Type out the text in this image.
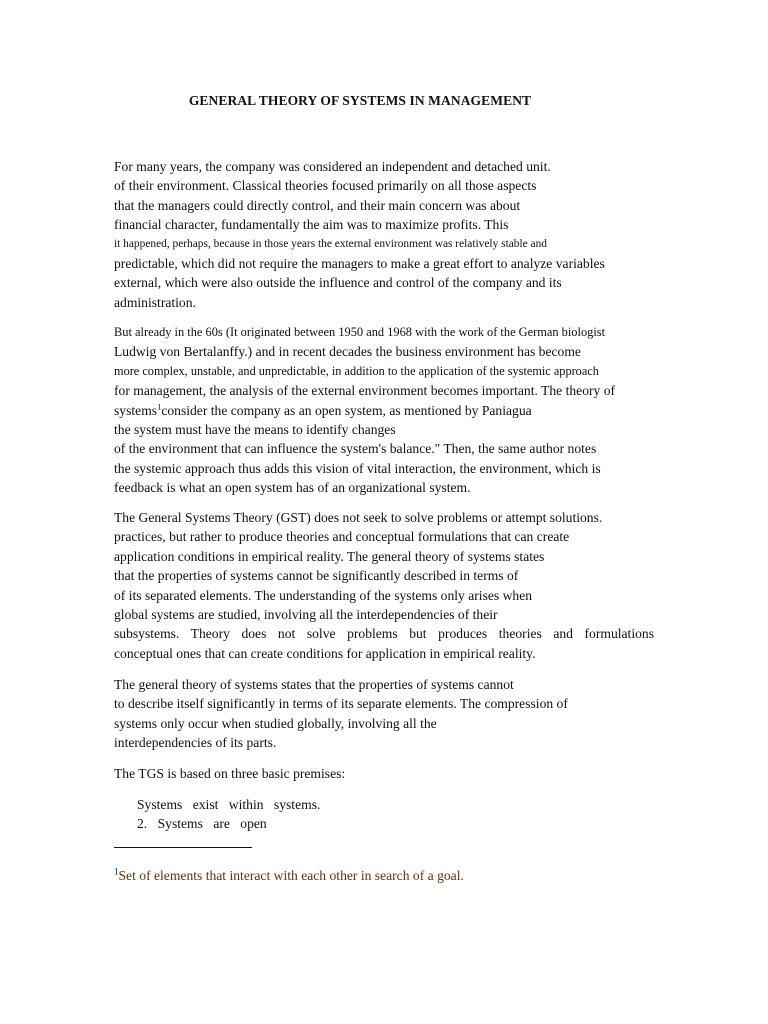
GENERAL THEORY OF SYSTEMS IN MANAGEMENT
For many years, the company was considered an independent and detached unit.
of their environment. Classical theories focused primarily on all those aspects
that the managers could directly control, and their main concern was about
financial character, fundamentally the aim was to maximize profits. This
it happened, perhaps, because in those years the external environment was relatively stable and
predictable, which did not require the managers to make a great effort to analyze variables
external, which were also outside the influence and control of the company and its
administration.
But already in the 60s (It originated between 1950 and 1968 with the work of the German biologist
Ludwig von Bertalanffy.) and in recent decades the business environment has become
more complex, unstable, and unpredictable, in addition to the application of the systemic approach
for management, the analysis of the external environment becomes important. The theory of
systems$^1$consider the company as an open system, as mentioned by Paniagua
the system must have the means to identify changes
of the environment that can influence the system's balance." Then, the same author notes
the systemic approach thus adds this vision of vital interaction, the environment, which is
feedback is what an open system has of an organizational system.
The General Systems Theory (GST) does not seek to solve problems or attempt solutions.
practices, but rather to produce theories and conceptual formulations that can create
application conditions in empirical reality. The general theory of systems states
that the properties of systems cannot be significantly described in terms of
of its separated elements. The understanding of the systems only arises when
global systems are studied, involving all the interdependencies of their
subsystems. Theory does not solve problems but produces theories and formulations
conceptual ones that can create conditions for application in empirical reality.
The general theory of systems states that the properties of systems cannot
to describe itself significantly in terms of its separate elements. The compression of
systems only occur when studied globally, involving all the
interdependencies of its parts.
The TGS is based on three basic premises:
Systems exist within systems.
2. Systems are open
$^1$Set of elements that interact with each other in search of a goal.
